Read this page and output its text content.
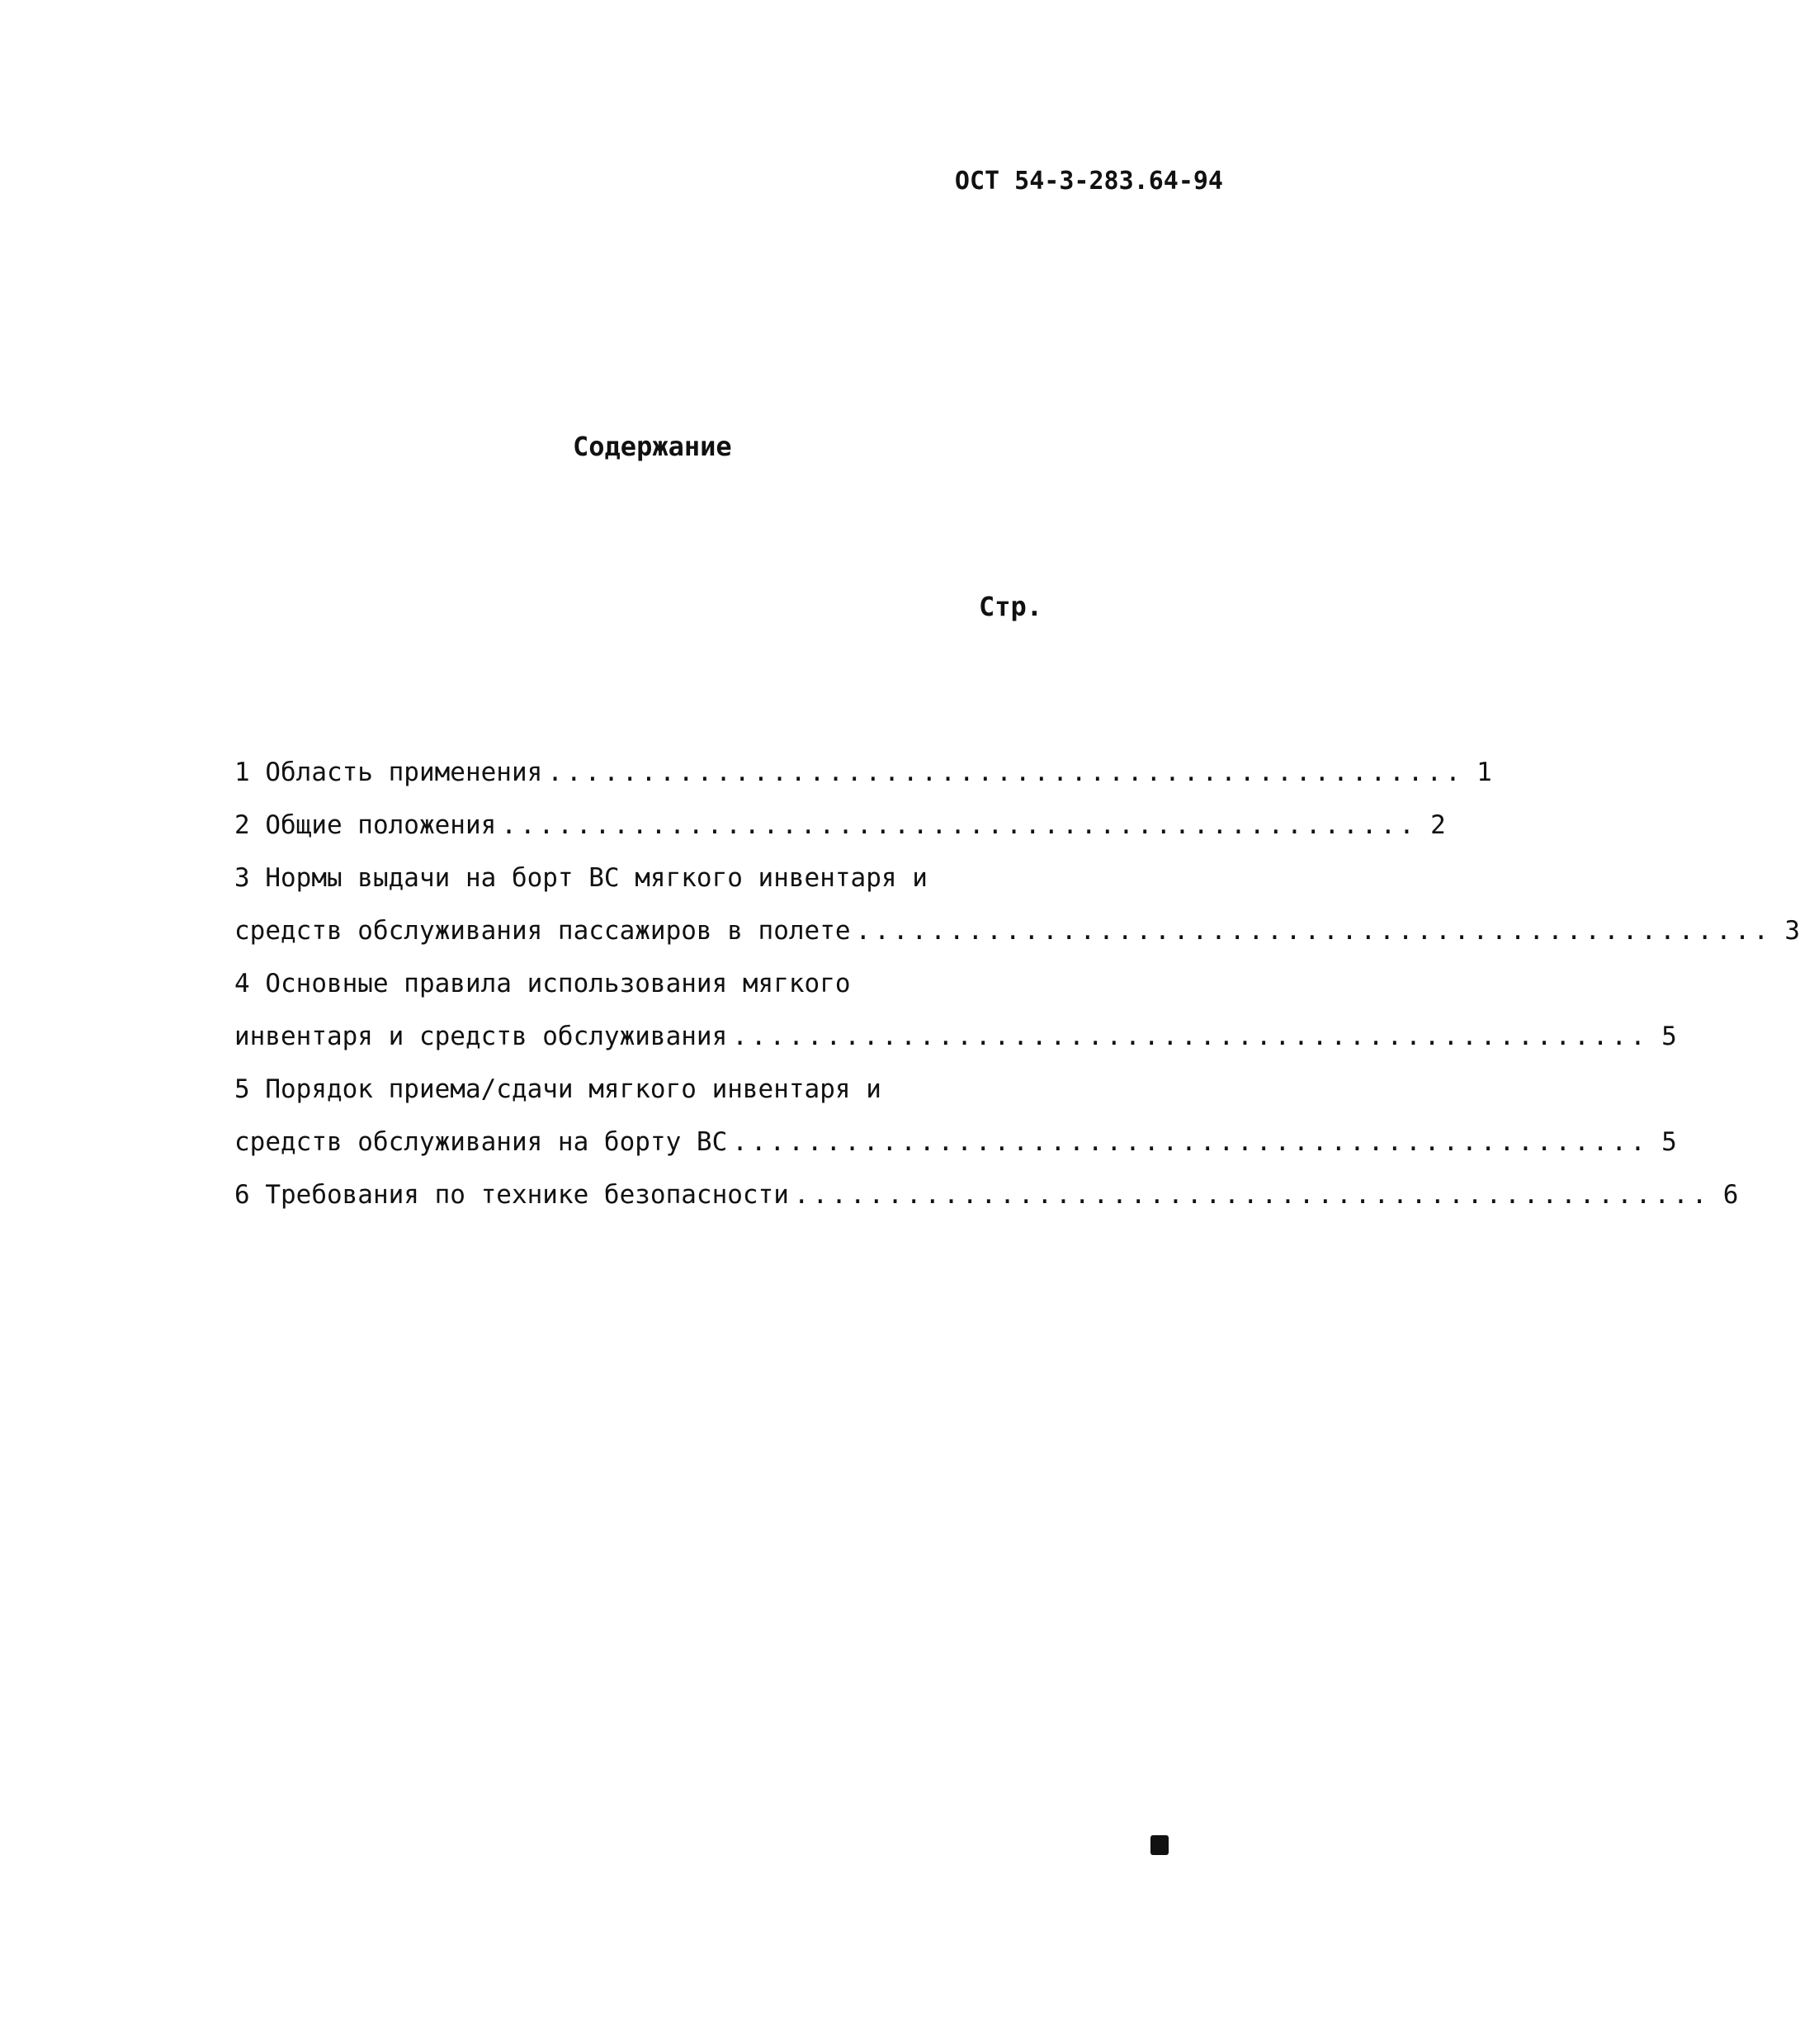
ОСТ 54-3-283.64-94
Содержание
Стр.
1 Область применения ................................................. 1
2 Общие положения ................................................. 2
3 Нормы выдачи на борт ВС мягкого инвентаря и
средств обслуживания пассажиров в полете ................................................. 3
4 Основные правила использования мягкого
инвентаря и средств обслуживания ................................................. 5
5 Порядок приема/сдачи мягкого инвентаря и
средств обслуживания на борту ВС ................................................. 5
6 Требования по технике безопасности ................................................. 6
